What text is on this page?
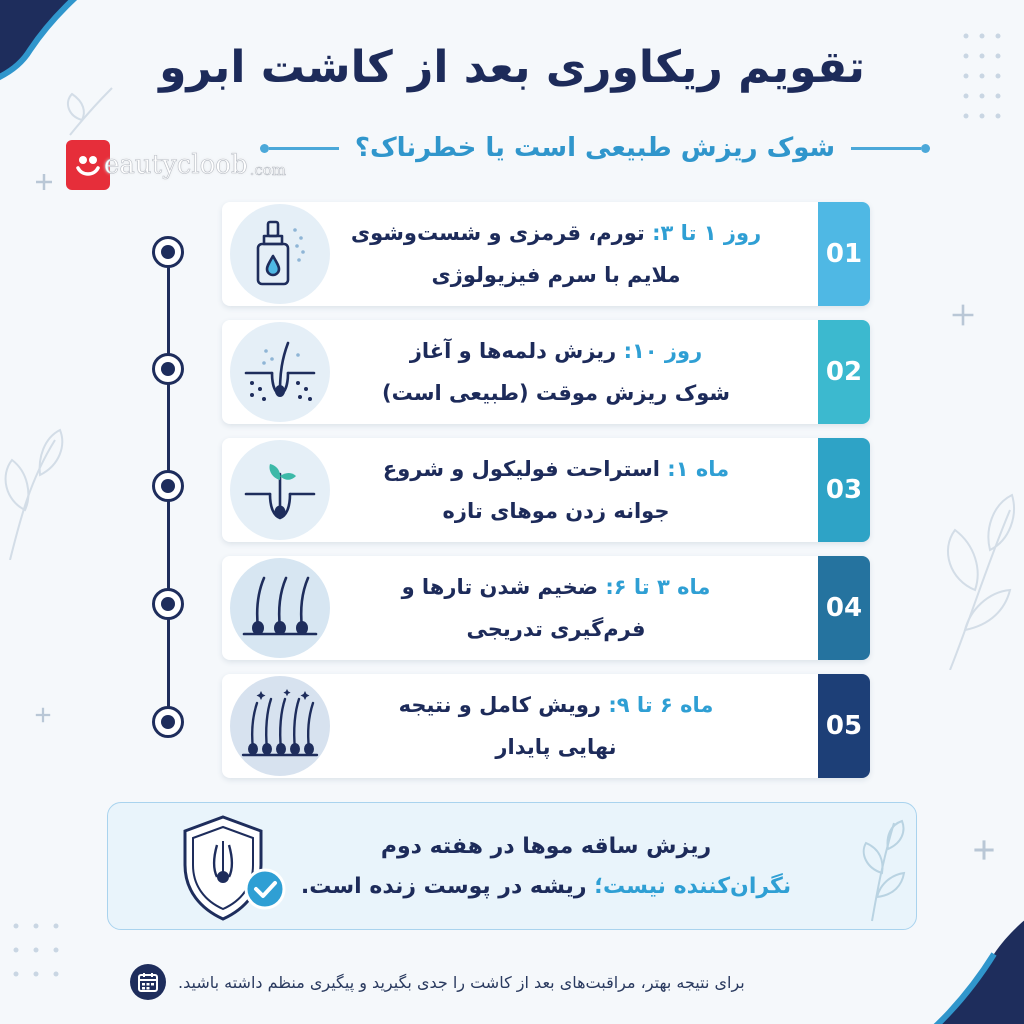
تقویم ریکاوری بعد از کاشت ابرو
شوک ریزش طبیعی است یا خطرناک؟
eautycloob .com
روز ۱ تا ۳: تورم، قرمزی و شست‌وشوی
ملایم با سرم فیزیولوژی
01
روز ۱۰: ریزش دلمه‌ها و آغاز
شوک ریزش موقت (طبیعی است)
02
ماه ۱: استراحت فولیکول و شروع
جوانه زدن موهای تازه
03
ماه ۳ تا ۶: ضخیم شدن تارها و
فرم‌گیری تدریجی
04
ماه ۶ تا ۹: رویش کامل و نتیجه
نهایی پایدار
05
ریزش ساقه موها در هفته دوم
نگران‌کننده نیست؛ ریشه در پوست زنده است.
برای نتیجه بهتر، مراقبت‌های بعد از کاشت را جدی بگیرید و پیگیری منظم داشته باشید.
